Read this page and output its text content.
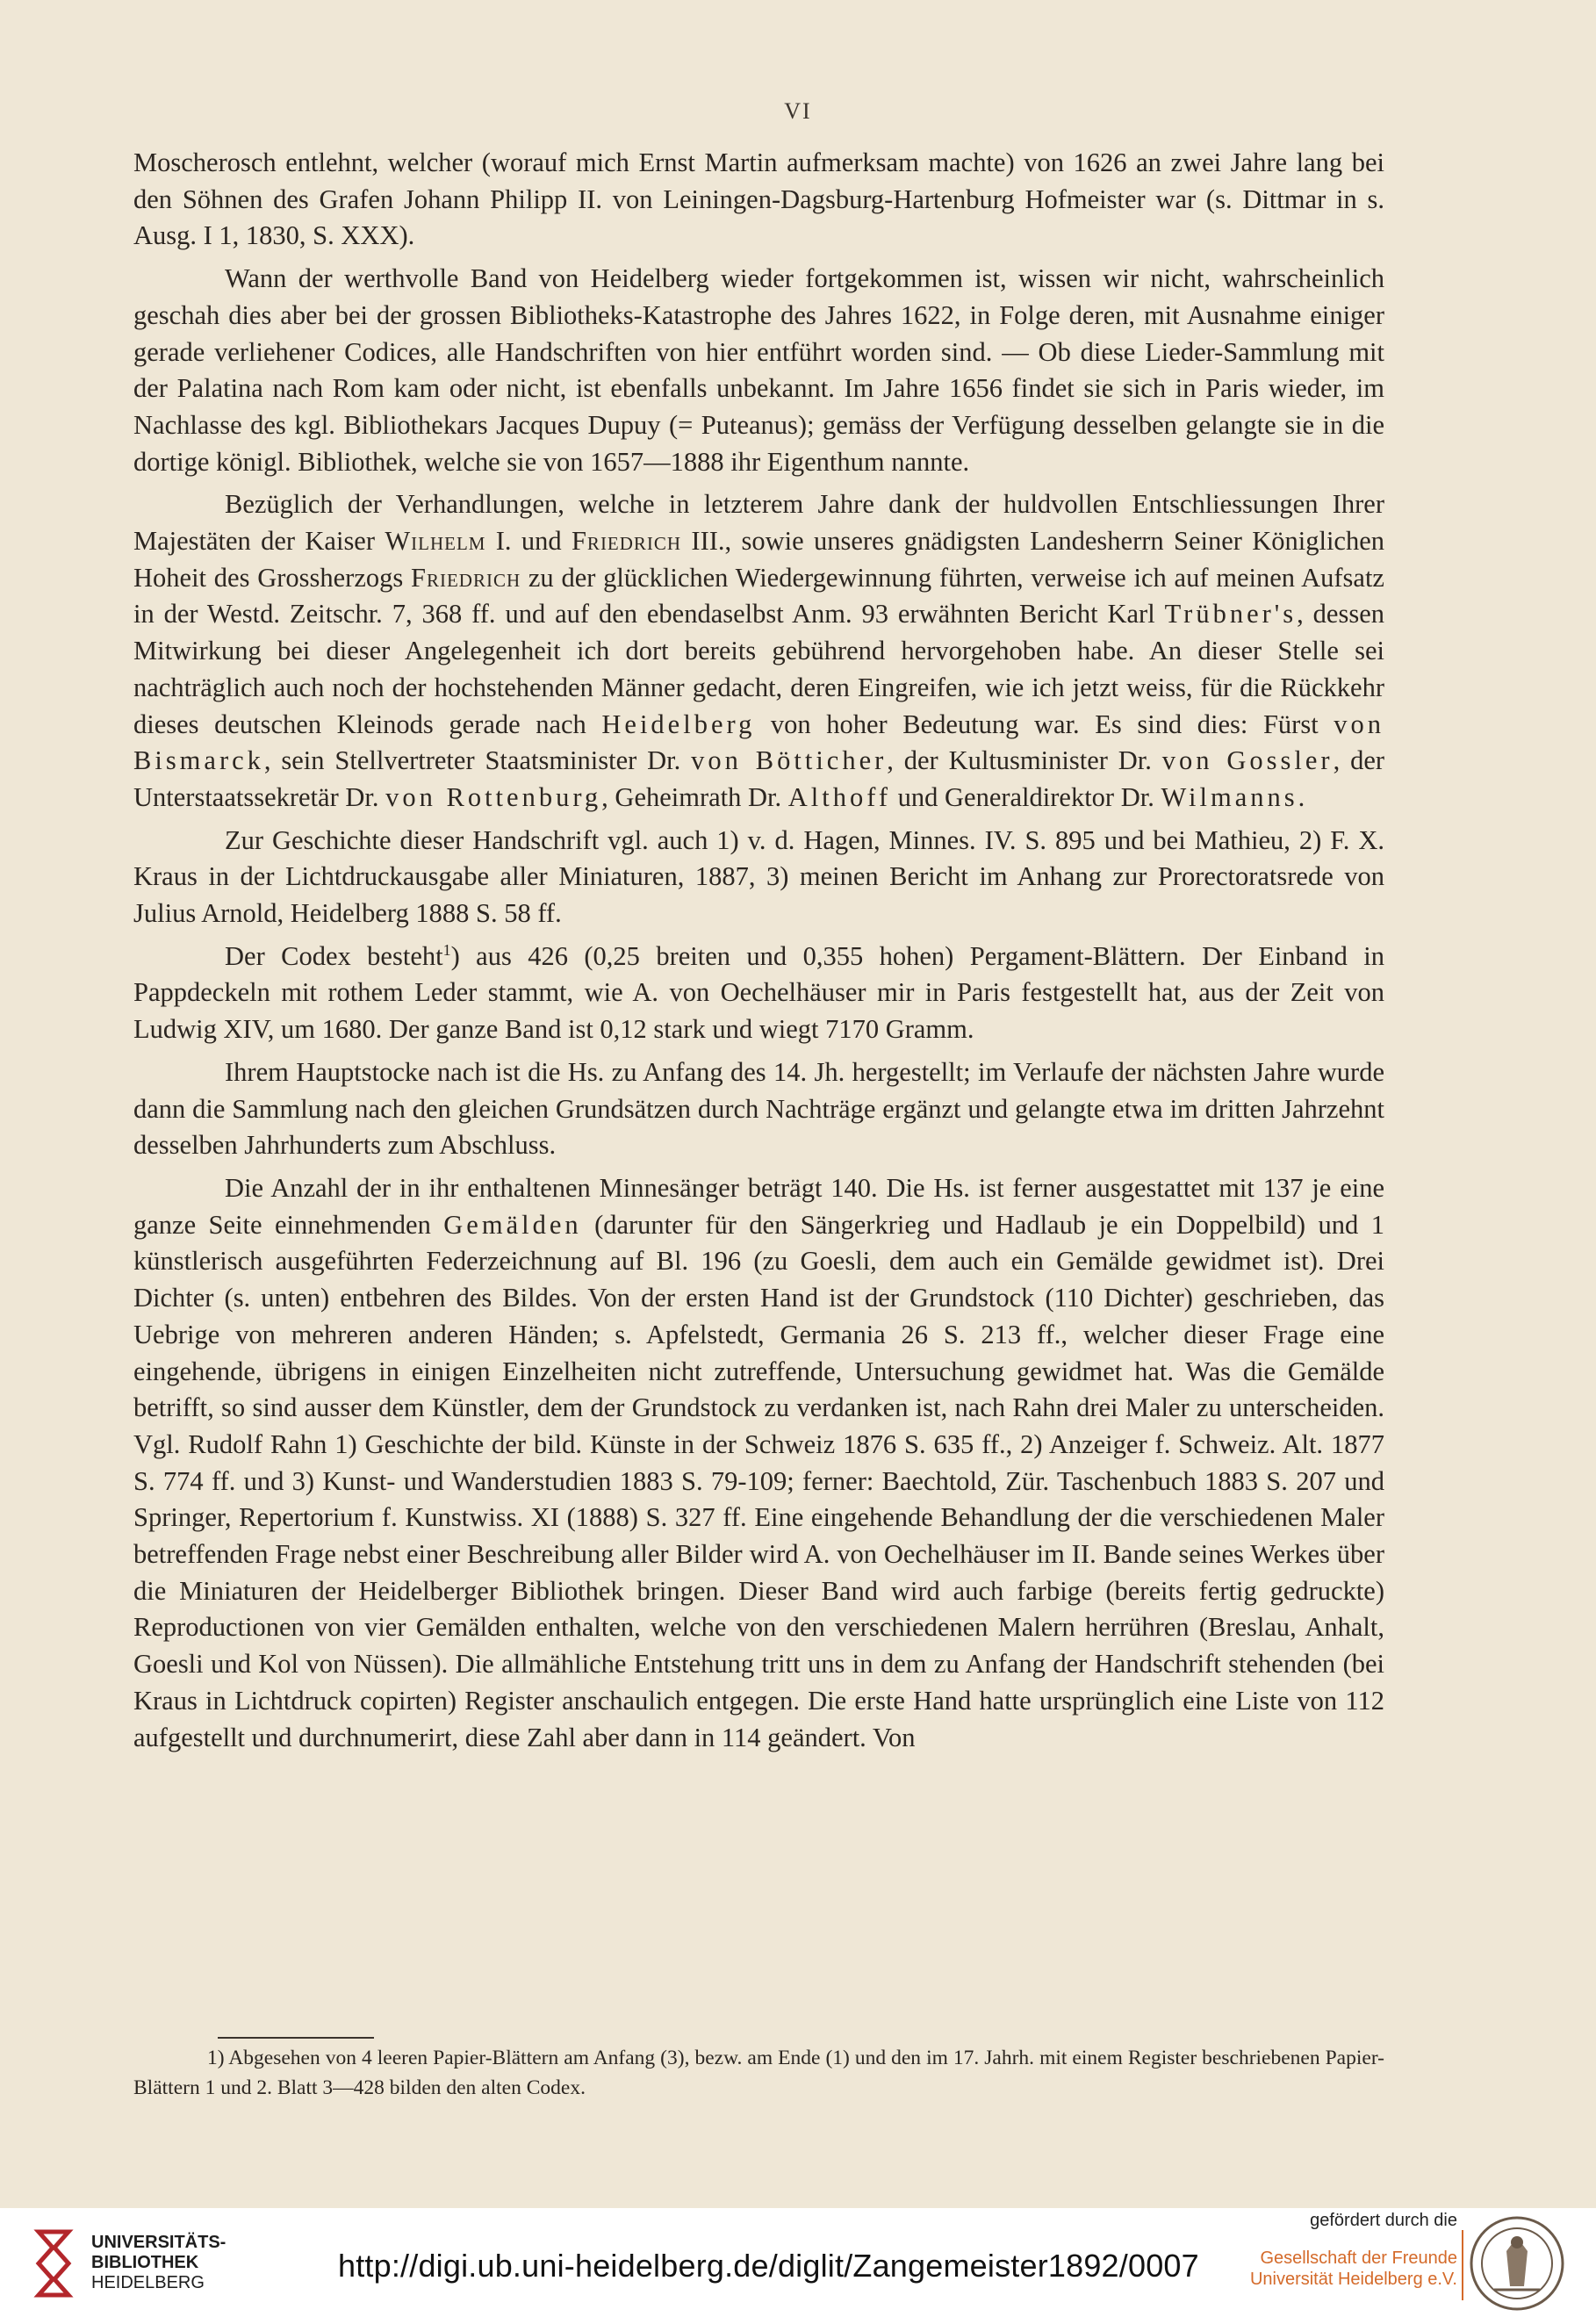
VI

Moscherosch entlehnt, welcher (worauf mich Ernst Martin aufmerksam machte) von 1626 an zwei Jahre lang bei den Söhnen des Grafen Johann Philipp II. von Leiningen-Dagsburg-Hartenburg Hofmeister war (s. Dittmar in s. Ausg. I 1, 1830, S. XXX).

Wann der werthvolle Band von Heidelberg wieder fortgekommen ist, wissen wir nicht, wahrscheinlich geschah dies aber bei der grossen Bibliotheks-Katastrophe des Jahres 1622, in Folge deren, mit Ausnahme einiger gerade verliehener Codices, alle Handschriften von hier entführt worden sind. — Ob diese Lieder-Sammlung mit der Palatina nach Rom kam oder nicht, ist ebenfalls unbekannt. Im Jahre 1656 findet sie sich in Paris wieder, im Nachlasse des kgl. Bibliothekars Jacques Dupuy (= Puteanus); gemäss der Verfügung desselben gelangte sie in die dortige königl. Bibliothek, welche sie von 1657—1888 ihr Eigenthum nannte.

Bezüglich der Verhandlungen, welche in letzterem Jahre dank der huldvollen Entschliessungen Ihrer Majestäten der Kaiser Wilhelm I. und Friedrich III., sowie unseres gnädigsten Landesherrn Seiner Königlichen Hoheit des Grossherzogs Friedrich zu der glücklichen Wiedergewinnung führten, verweise ich auf meinen Aufsatz in der Westd. Zeitschr. 7, 368 ff. und auf den ebendaselbst Anm. 93 erwähnten Bericht Karl Trübner's, dessen Mitwirkung bei dieser Angelegenheit ich dort bereits gebührend hervorgehoben habe. An dieser Stelle sei nachträglich auch noch der hochstehenden Männer gedacht, deren Eingreifen, wie ich jetzt weiss, für die Rückkehr dieses deutschen Kleinods gerade nach Heidelberg von hoher Bedeutung war. Es sind dies: Fürst von Bismarck, sein Stellvertreter Staatsminister Dr. von Bötticher, der Kultusminister Dr. von Gossler, der Unterstaatssekretär Dr. von Rottenburg, Geheimrath Dr. Althoff und Generaldirektor Dr. Wilmanns.

Zur Geschichte dieser Handschrift vgl. auch 1) v. d. Hagen, Minnes. IV. S. 895 und bei Mathieu, 2) F. X. Kraus in der Lichtdruckausgabe aller Miniaturen, 1887, 3) meinen Bericht im Anhang zur Prorectoratsrede von Julius Arnold, Heidelberg 1888 S. 58 ff.

Der Codex besteht$^1$) aus 426 (0,25 breiten und 0,355 hohen) Pergament-Blättern. Der Einband in Pappdeckeln mit rothem Leder stammt, wie A. von Oechelhäuser mir in Paris festgestellt hat, aus der Zeit von Ludwig XIV, um 1680. Der ganze Band ist 0,12 stark und wiegt 7170 Gramm.

Ihrem Hauptstocke nach ist die Hs. zu Anfang des 14. Jh. hergestellt; im Verlaufe der nächsten Jahre wurde dann die Sammlung nach den gleichen Grundsätzen durch Nachträge ergänzt und gelangte etwa im dritten Jahrzehnt desselben Jahrhunderts zum Abschluss.

Die Anzahl der in ihr enthaltenen Minnesänger beträgt 140. Die Hs. ist ferner ausgestattet mit 137 je eine ganze Seite einnehmenden Gemälden (darunter für den Sängerkrieg und Hadlaub je ein Doppelbild) und 1 künstlerisch ausgeführten Federzeichnung auf Bl. 196 (zu Goesli, dem auch ein Gemälde gewidmet ist). Drei Dichter (s. unten) entbehren des Bildes. Von der ersten Hand ist der Grundstock (110 Dichter) geschrieben, das Uebrige von mehreren anderen Händen; s. Apfelstedt, Germania 26 S. 213 ff., welcher dieser Frage eine eingehende, übrigens in einigen Einzelheiten nicht zutreffende, Untersuchung gewidmet hat. Was die Gemälde betrifft, so sind ausser dem Künstler, dem der Grundstock zu verdanken ist, nach Rahn drei Maler zu unterscheiden. Vgl. Rudolf Rahn 1) Geschichte der bild. Künste in der Schweiz 1876 S. 635 ff., 2) Anzeiger f. Schweiz. Alt. 1877 S. 774 ff. und 3) Kunst- und Wanderstudien 1883 S. 79-109; ferner: Baechtold, Zür. Taschenbuch 1883 S. 207 und Springer, Repertorium f. Kunstwiss. XI (1888) S. 327 ff. Eine eingehende Behandlung der die verschiedenen Maler betreffenden Frage nebst einer Beschreibung aller Bilder wird A. von Oechelhäuser im II. Bande seines Werkes über die Miniaturen der Heidelberger Bibliothek bringen. Dieser Band wird auch farbige (bereits fertig gedruckte) Reproductionen von vier Gemälden enthalten, welche von den verschiedenen Malern herrühren (Breslau, Anhalt, Goesli und Kol von Nüssen). Die allmähliche Entstehung tritt uns in dem zu Anfang der Handschrift stehenden (bei Kraus in Lichtdruck copirten) Register anschaulich entgegen. Die erste Hand hatte ursprünglich eine Liste von 112 aufgestellt und durchnumerirt, diese Zahl aber dann in 114 geändert. Von

1) Abgesehen von 4 leeren Papier-Blättern am Anfang (3), bezw. am Ende (1) und den im 17. Jahrh. mit einem Register beschriebenen Papier-Blättern 1 und 2. Blatt 3—428 bilden den alten Codex.

UNIVERSITÄTS-
BIBLIOTHEK
HEIDELBERG	http://digi.ub.uni-heidelberg.de/diglit/Zangemeister1892/0007
gefördert durch die
Gesellschaft der Freunde
Universität Heidelberg e.V.
